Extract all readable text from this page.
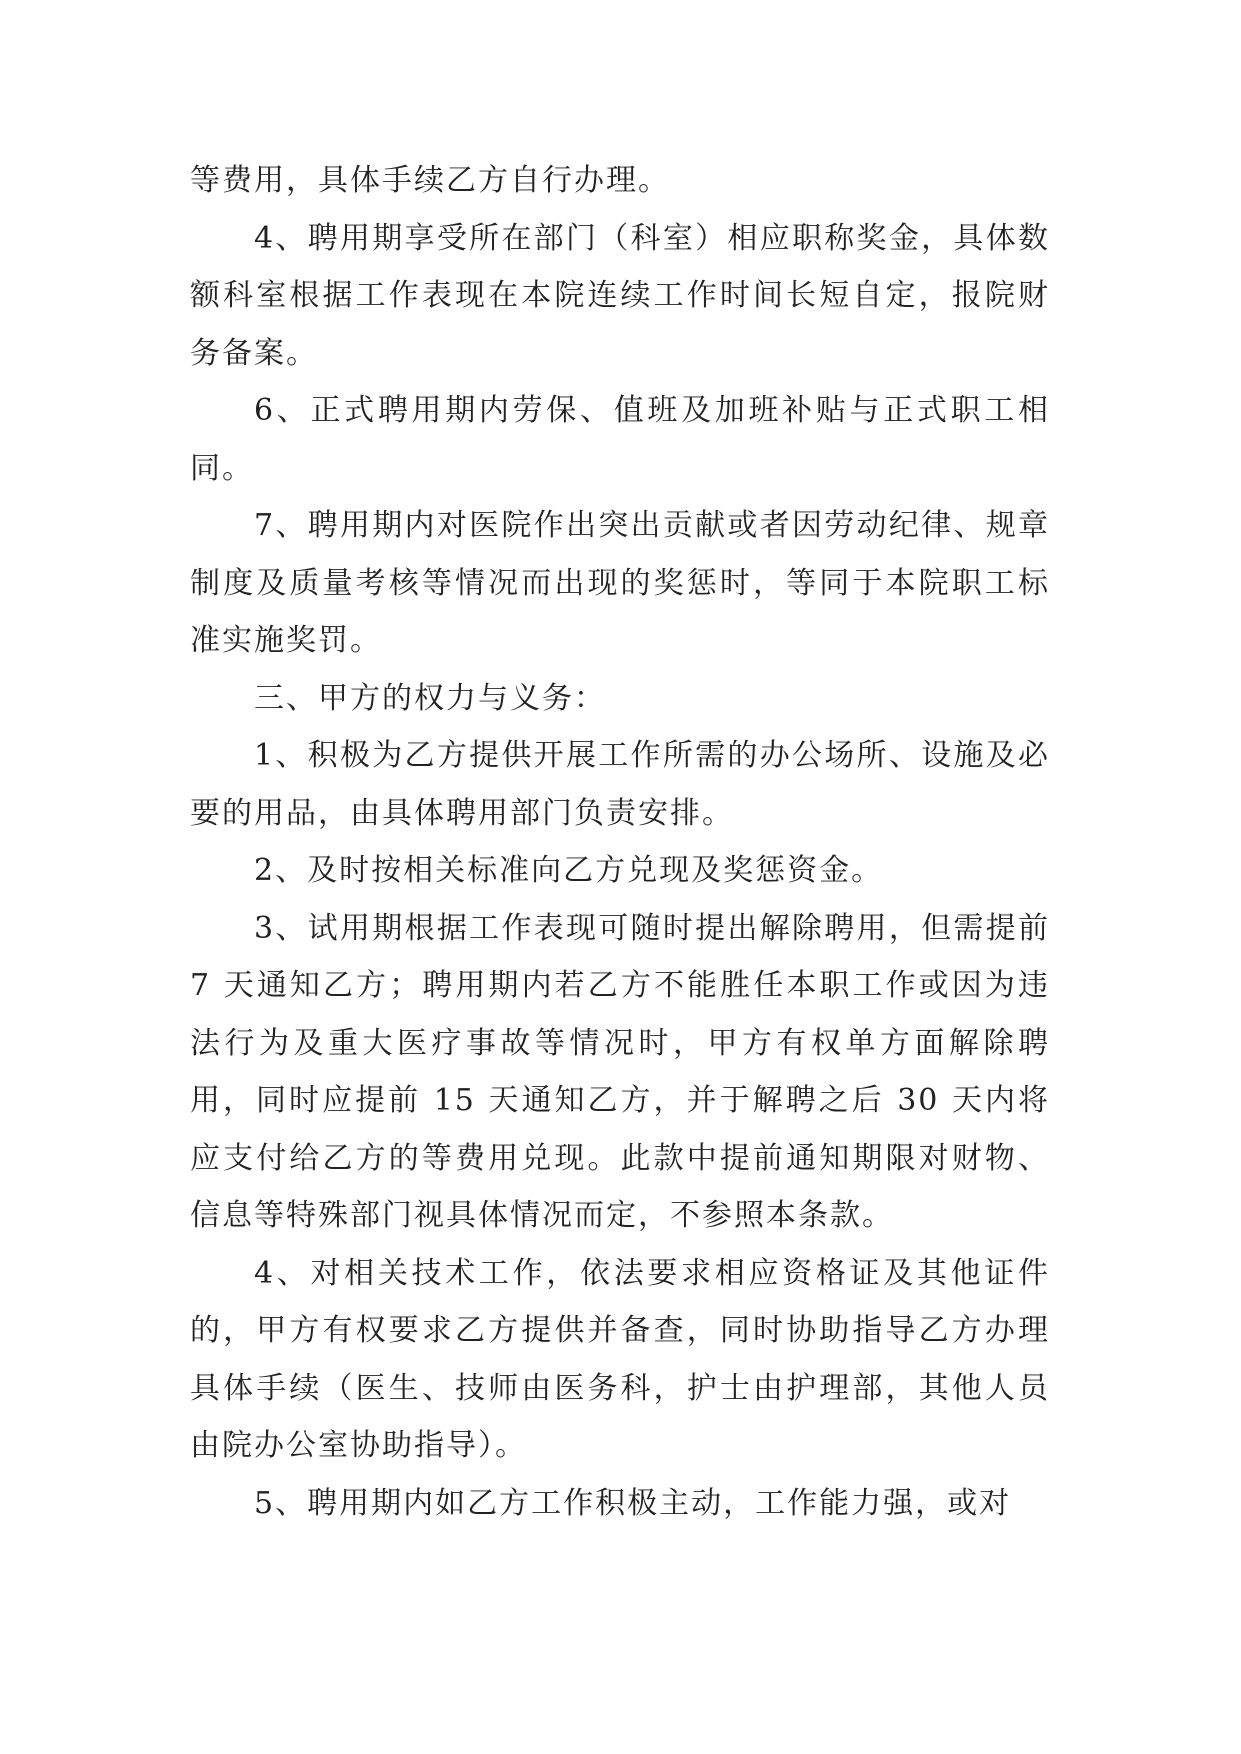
等费用，具体手续乙方自行办理。

4、聘用期享受所在部门（科室）相应职称奖金，具体数额科室根据工作表现在本院连续工作时间长短自定，报院财务备案。

6、正式聘用期内劳保、值班及加班补贴与正式职工相同。

7、聘用期内对医院作出突出贡献或者因劳动纪律、规章制度及质量考核等情况而出现的奖惩时，等同于本院职工标准实施奖罚。

三、甲方的权力与义务：

1、积极为乙方提供开展工作所需的办公场所、设施及必要的用品，由具体聘用部门负责安排。

2、及时按相关标准向乙方兑现及奖惩资金。

3、试用期根据工作表现可随时提出解除聘用，但需提前 7 天通知乙方；聘用期内若乙方不能胜任本职工作或因为违法行为及重大医疗事故等情况时，甲方有权单方面解除聘用，同时应提前 15 天通知乙方，并于解聘之后 30 天内将应支付给乙方的等费用兑现。此款中提前通知期限对财物、信息等特殊部门视具体情况而定，不参照本条款。

4、对相关技术工作，依法要求相应资格证及其他证件的，甲方有权要求乙方提供并备查，同时协助指导乙方办理具体手续（医生、技师由医务科，护士由护理部，其他人员由院办公室协助指导）。

5、聘用期内如乙方工作积极主动，工作能力强，或对
